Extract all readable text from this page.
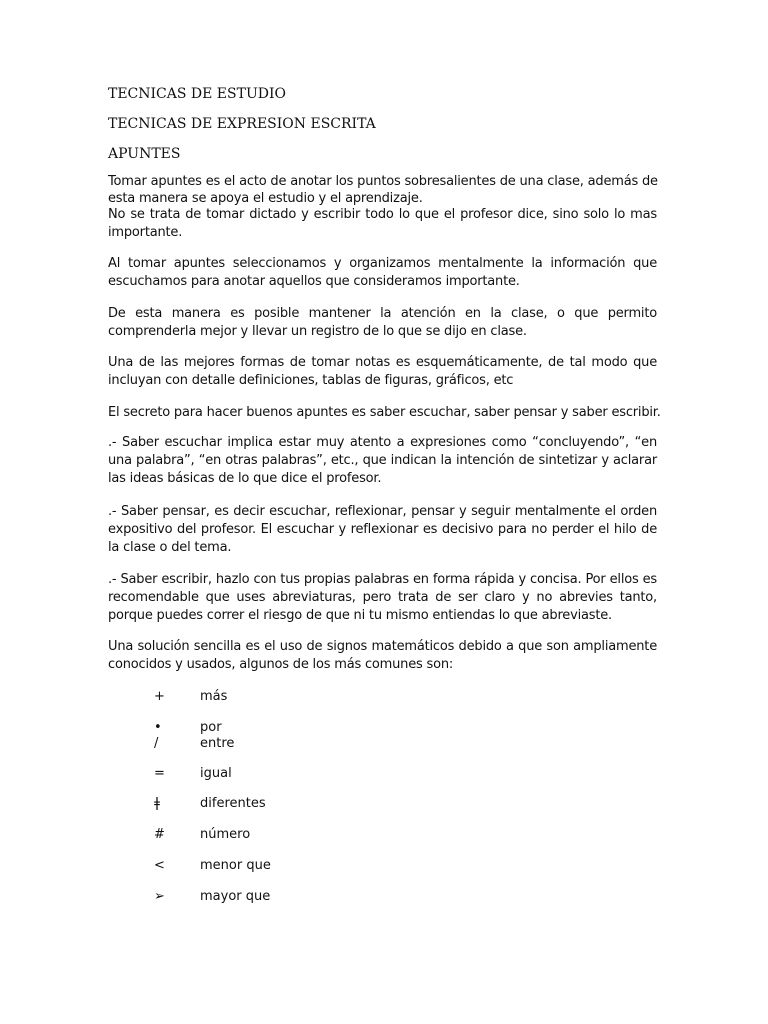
TECNICAS DE ESTUDIO
TECNICAS DE EXPRESION ESCRITA
APUNTES
Tomar apuntes es el acto de anotar los puntos sobresalientes de una clase, además de
esta manera se apoya el estudio y el aprendizaje.
No se trata de tomar dictado y escribir todo lo que el profesor dice, sino solo lo mas
importante.
Al tomar apuntes seleccionamos y organizamos mentalmente la información que
escuchamos para anotar aquellos que consideramos importante.
De esta manera es posible mantener la atención en la clase, o que permito
comprenderla mejor y llevar un registro de lo que se dijo en clase.
Una de las mejores formas de tomar notas es esquemáticamente, de tal modo que
incluyan con detalle definiciones, tablas de figuras, gráficos, etc
El secreto para hacer buenos apuntes es saber escuchar, saber pensar y saber escribir.
.- Saber escuchar implica estar muy atento a expresiones como “concluyendo”, “en
una palabra”, “en otras palabras”, etc., que indican la intención de sintetizar y aclarar
las ideas básicas de lo que dice el profesor.
.- Saber pensar, es decir escuchar, reflexionar, pensar y seguir mentalmente el orden
expositivo del profesor. El escuchar y reflexionar es decisivo para no perder el hilo de
la clase o del tema.
.- Saber escribir, hazlo con tus propias palabras en forma rápida y concisa. Por ellos es
recomendable que uses abreviaturas, pero trata de ser claro y no abrevies tanto,
porque puedes correr el riesgo de que ni tu mismo entiendas lo que abreviaste.
Una solución sencilla es el uso de signos matemáticos debido a que son ampliamente
conocidos y usados, algunos de los más comunes son:
+	más
•	por
/	entre
=	igual
ǂ	diferentes
#	número
<	menor que
➢	mayor que
